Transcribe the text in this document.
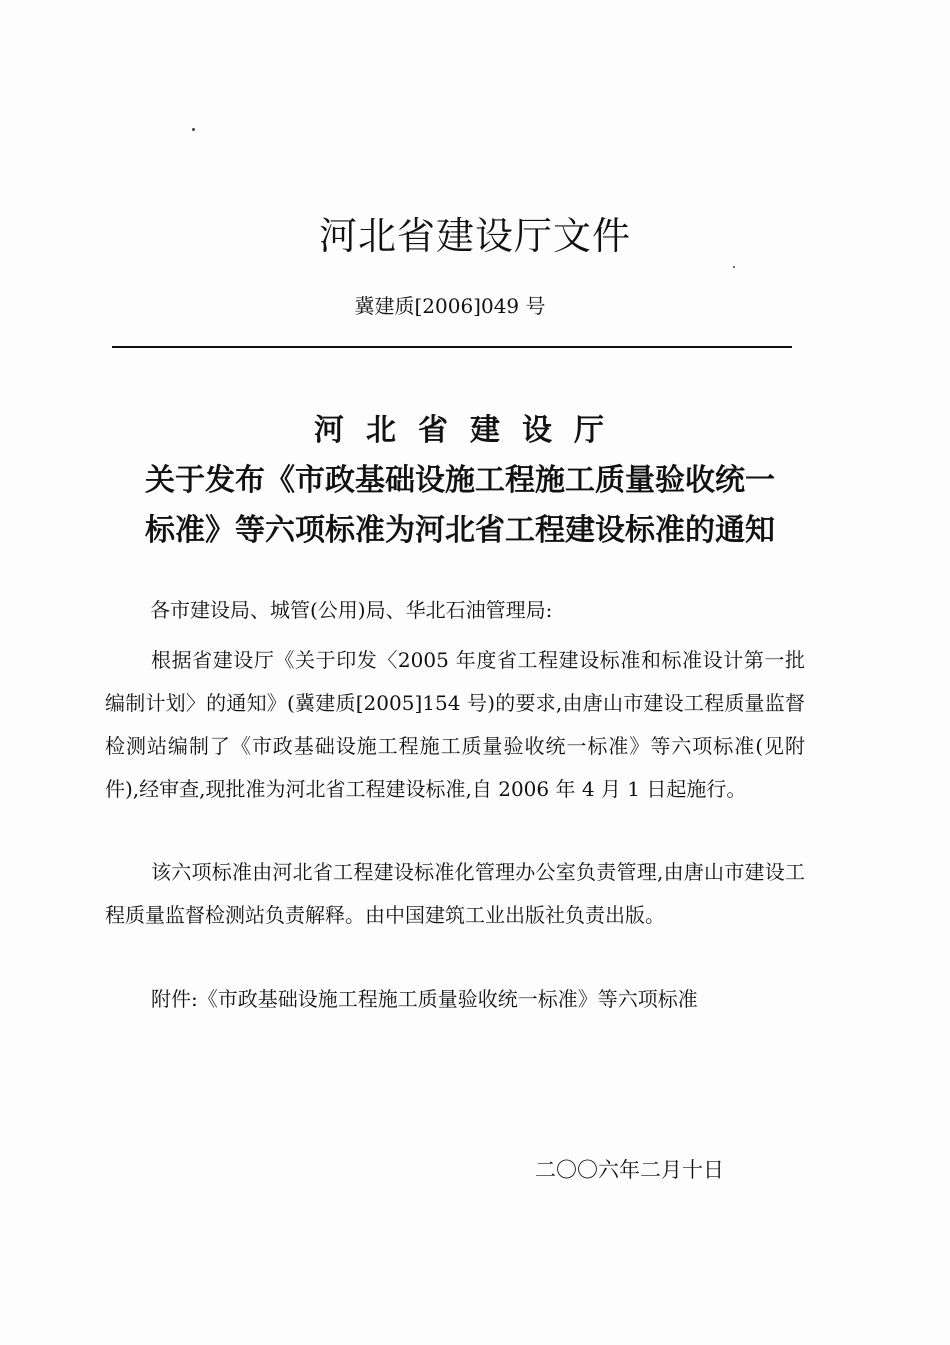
河北省建设厅文件
冀建质[2006]049 号
河北省建设厅
关于发布《市政基础设施工程施工质量验收统一
标准》等六项标准为河北省工程建设标准的通知
各市建设局、城管(公用)局、华北石油管理局:

根据省建设厅《关于印发〈2005 年度省工程建设标准和标准设计第一批编制计划〉的通知》(冀建质[2005]154 号)的要求,由唐山市建设工程质量监督检测站编制了《市政基础设施工程施工质量验收统一标准》等六项标准(见附件),经审查,现批准为河北省工程建设标准,自 2006 年 4 月 1 日起施行。

该六项标准由河北省工程建设标准化管理办公室负责管理,由唐山市建设工程质量监督检测站负责解释。由中国建筑工业出版社负责出版。

附件:《市政基础设施工程施工质量验收统一标准》等六项标准

二〇〇六年二月十日
